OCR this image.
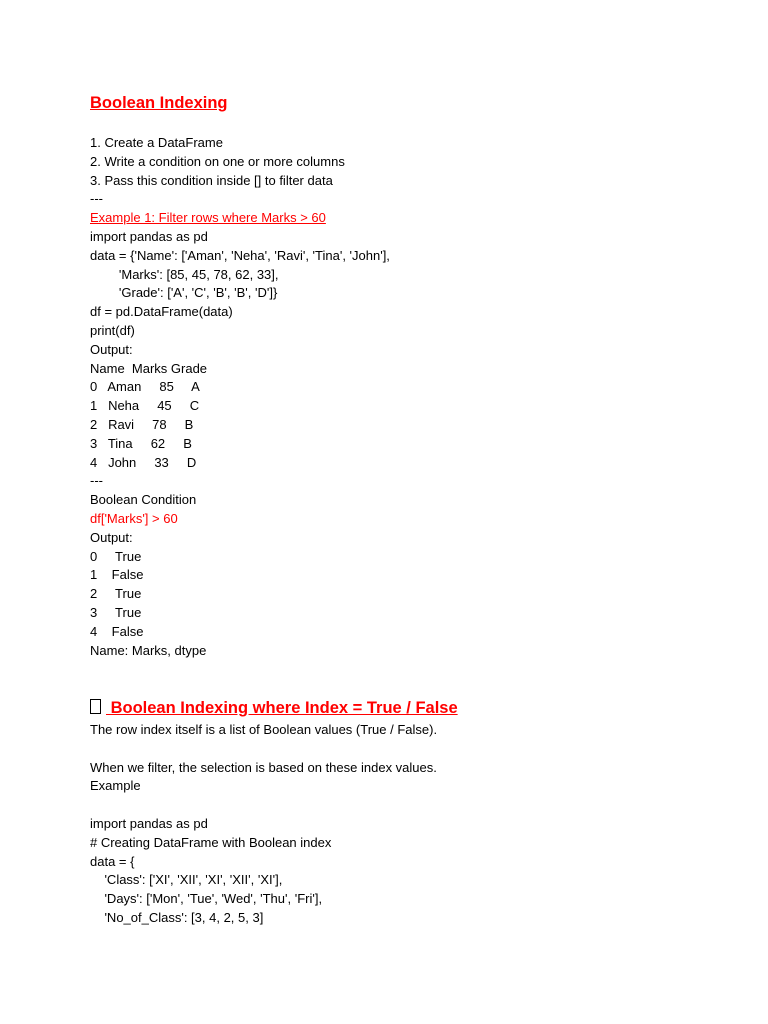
Boolean Indexing
1. Create a DataFrame
2. Write a condition on one or more columns
3. Pass this condition inside [] to filter data
---
Example 1: Filter rows where Marks > 60
import pandas as pd
data = {'Name': ['Aman', 'Neha', 'Ravi', 'Tina', 'John'],
'Marks': [85, 45, 78, 62, 33],
'Grade': ['A', 'C', 'B', 'B', 'D']}
df = pd.DataFrame(data)
print(df)
Output:
Name  Marks Grade
0   Aman     85     A
1   Neha     45     C
2   Ravi     78     B
3   Tina     62     B
4   John     33     D
---
Boolean Condition
df['Marks'] > 60
Output:
0     True
1    False
2     True
3     True
4    False
Name: Marks, dtype
Boolean Indexing where Index = True / False
The row index itself is a list of Boolean values (True / False).
When we filter, the selection is based on these index values.
Example
import pandas as pd
# Creating DataFrame with Boolean index
data = {
'Class': ['XI', 'XII', 'XI', 'XII', 'XI'],
'Days': ['Mon', 'Tue', 'Wed', 'Thu', 'Fri'],
'No_of_Class': [3, 4, 2, 5, 3]
